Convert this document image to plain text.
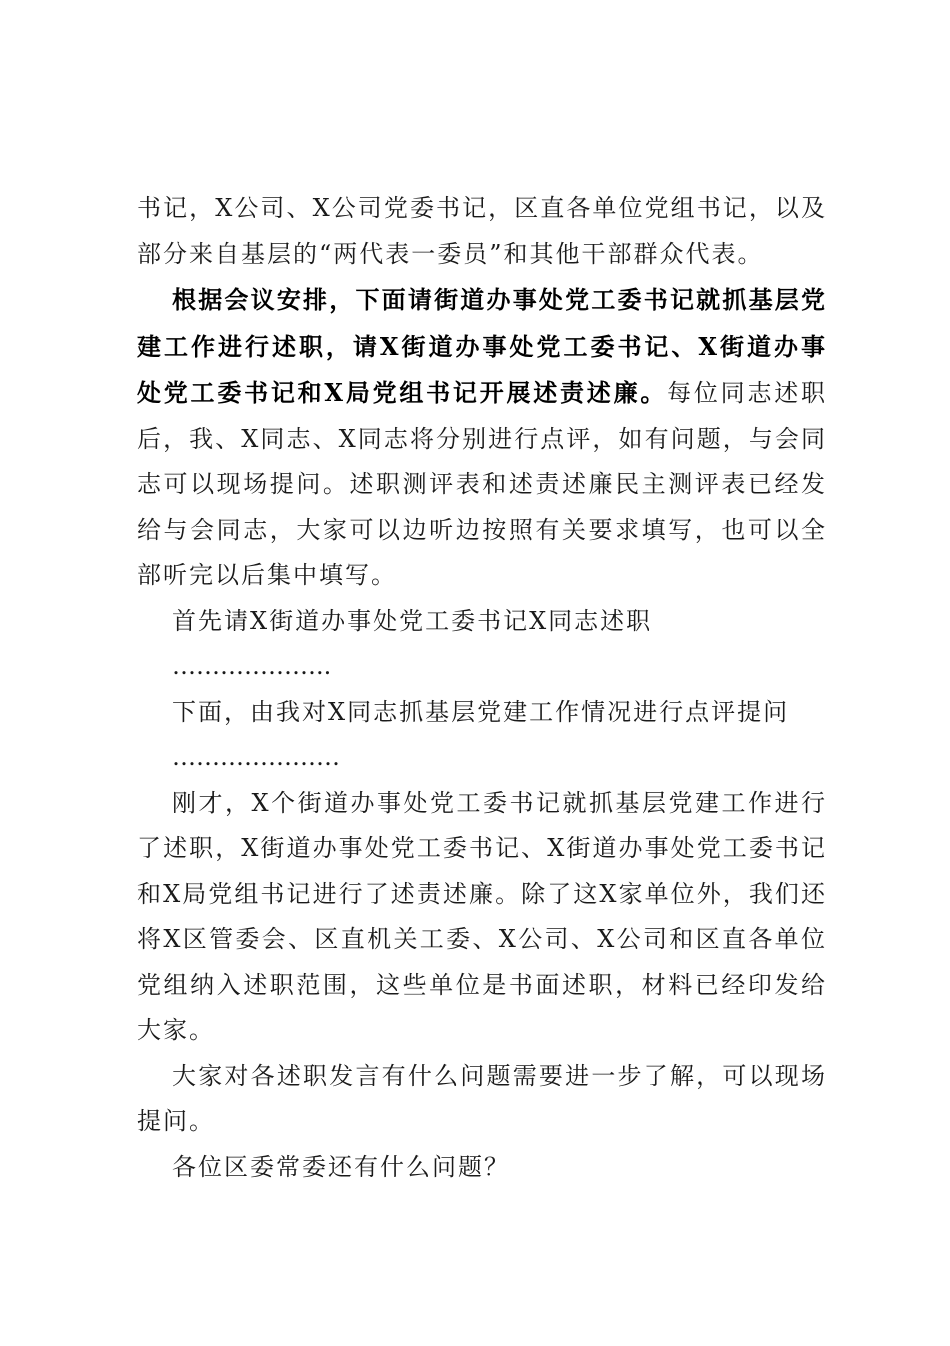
书记，X公司、X公司党委书记，区直各单位党组书记，以及部分来自基层的“两代表一委员”和其他干部群众代表。

根据会议安排，下面请街道办事处党工委书记就抓基层党建工作进行述职，请X街道办事处党工委书记、X街道办事处党工委书记和X局党组书记开展述责述廉。每位同志述职后，我、X同志、X同志将分别进行点评，如有问题，与会同志可以现场提问。述职测评表和述责述廉民主测评表已经发给与会同志，大家可以边听边按照有关要求填写，也可以全部听完以后集中填写。

首先请X街道办事处党工委书记X同志述职

………………..

下面，由我对X同志抓基层党建工作情况进行点评提问

…………………

刚才，X个街道办事处党工委书记就抓基层党建工作进行了述职，X街道办事处党工委书记、X街道办事处党工委书记和X局党组书记进行了述责述廉。除了这X家单位外，我们还将X区管委会、区直机关工委、X公司、X公司和区直各单位党组纳入述职范围，这些单位是书面述职，材料已经印发给大家。

大家对各述职发言有什么问题需要进一步了解，可以现场提问。

各位区委常委还有什么问题？
